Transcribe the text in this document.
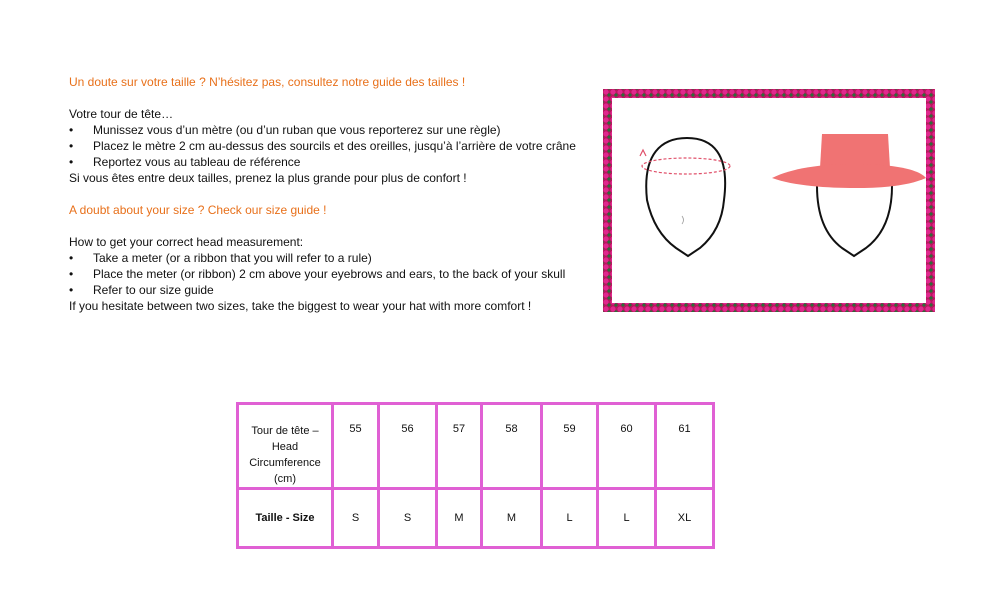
Un doute sur votre taille ? N’hésitez pas, consultez notre guide des tailles !

Votre tour de tête…

•	Munissez vous d’un mètre (ou d’un ruban que vous reporterez sur une règle)
•	Placez le mètre 2 cm au-dessus des sourcils et des oreilles, jusqu’à l’arrière de votre crâne
•	Reportez vous au tableau de référence

Si vous êtes entre deux tailles, prenez la plus grande pour plus de confort !

A doubt about your size ? Check our size guide !

How to get your correct head measurement:

•	Take a meter (or a ribbon that you will refer to a rule)
•	Place the meter (or ribbon) 2 cm above your eyebrows and ears, to the back of your skull
•	Refer to our size guide

If you hesitate between two sizes, take the biggest to wear your hat with more comfort !

Tour de tête –
Head
Circumference
(cm)	55	56	57	58	59	60	61
Taille - Size	S	S	M	M	L	L	XL
